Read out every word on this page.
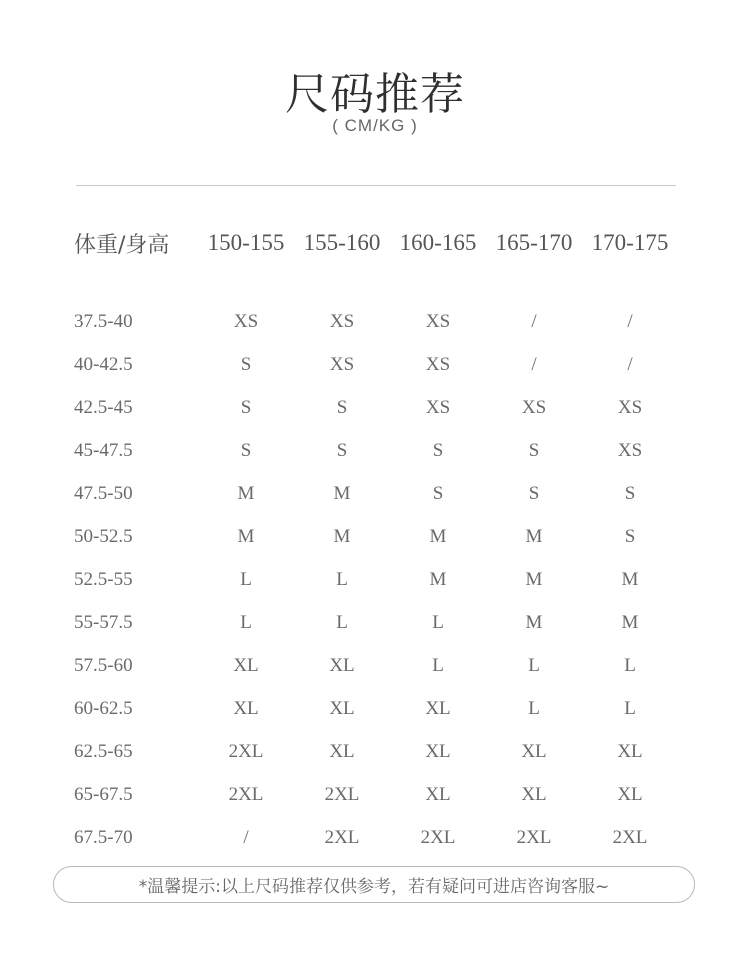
尺码推荐
( CM/KG )
体重/身高	150-155	155-160	160-165	165-170	170-175
37.5-40	XS	XS	XS	/	/
40-42.5	S	XS	XS	/	/
42.5-45	S	S	XS	XS	XS
45-47.5	S	S	S	S	XS
47.5-50	M	M	S	S	S
50-52.5	M	M	M	M	S
52.5-55	L	L	M	M	M
55-57.5	L	L	L	M	M
57.5-60	XL	XL	L	L	L
60-62.5	XL	XL	XL	L	L
62.5-65	2XL	XL	XL	XL	XL
65-67.5	2XL	2XL	XL	XL	XL
67.5-70	/	2XL	2XL	2XL	2XL
*温馨提示:以上尺码推荐仅供参考，若有疑问可进店咨询客服~
